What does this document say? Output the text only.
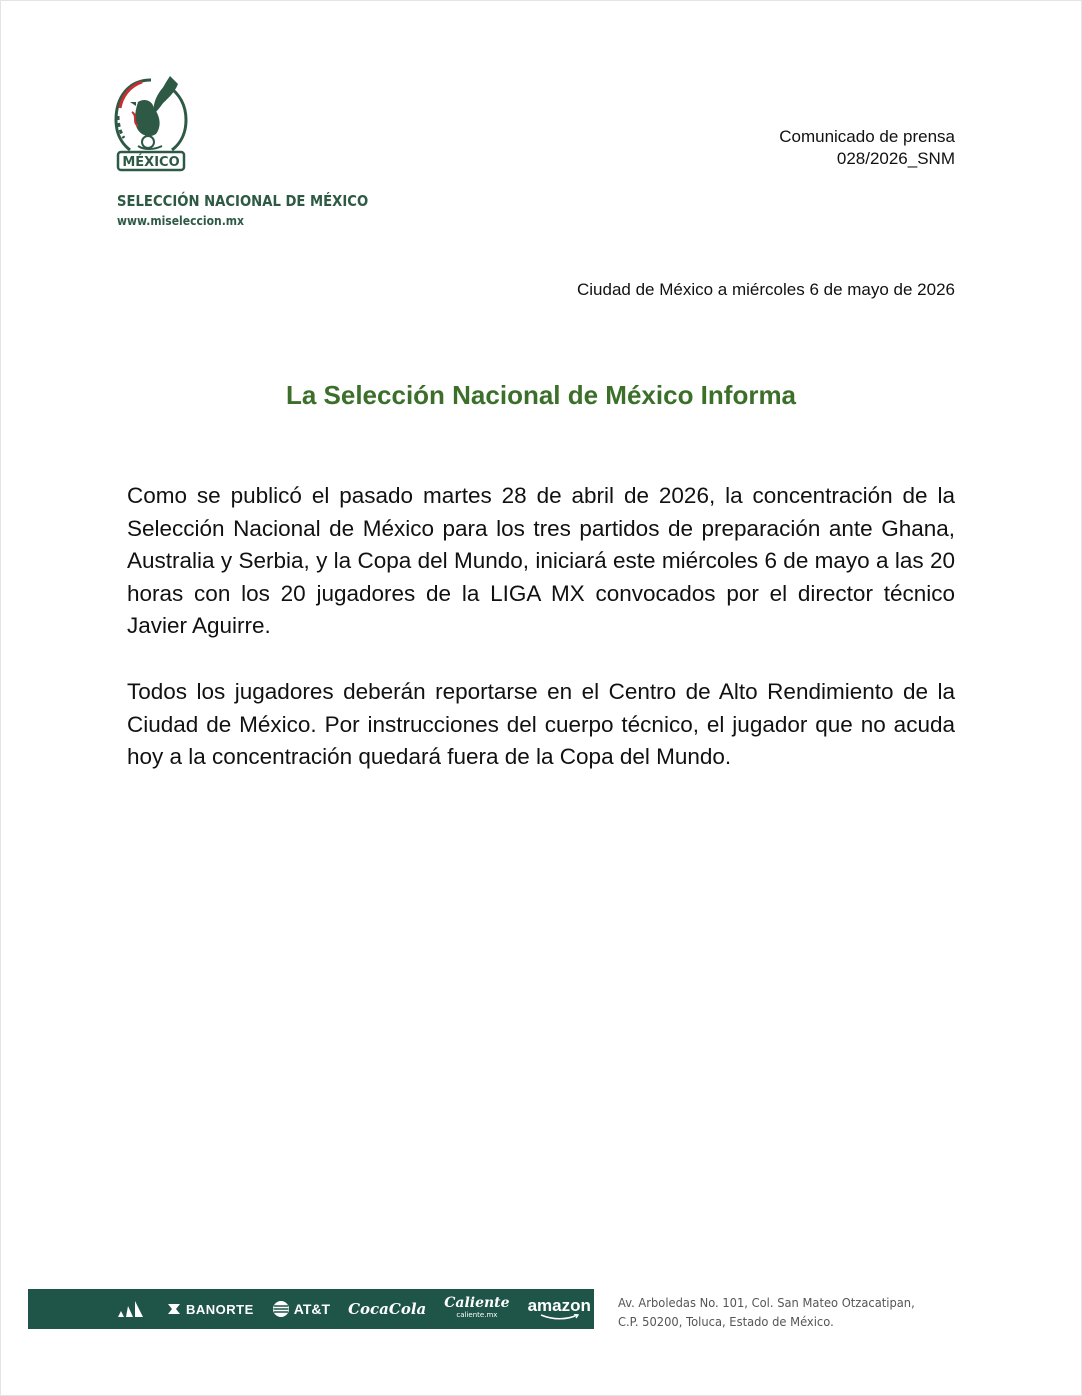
MÉXICO
SELECCIÓN NACIONAL DE MÉXICO
www.miseleccion.mx
Comunicado de prensa
028/2026_SNM
Ciudad de México a miércoles 6 de mayo de 2026
La Selección Nacional de México Informa
Como se publicó el pasado martes 28 de abril de 2026, la concentración de la Selección Nacional de México para los tres partidos de preparación ante Ghana, Australia y Serbia, y la Copa del Mundo, iniciará este miércoles 6 de mayo a las 20 horas con los 20 jugadores de la LIGA MX convocados por el director técnico Javier Aguirre.
Todos los jugadores deberán reportarse en el Centro de Alto Rendimiento de la Ciudad de México. Por instrucciones del cuerpo técnico, el jugador que no acuda hoy a la concentración quedará fuera de la Copa del Mundo.
BANORTE	AT&T CocaCola Caliente
caliente.mx amazon Av. Arboledas No. 101, Col. San Mateo Otzacatipan,
C.P. 50200, Toluca, Estado de México.
